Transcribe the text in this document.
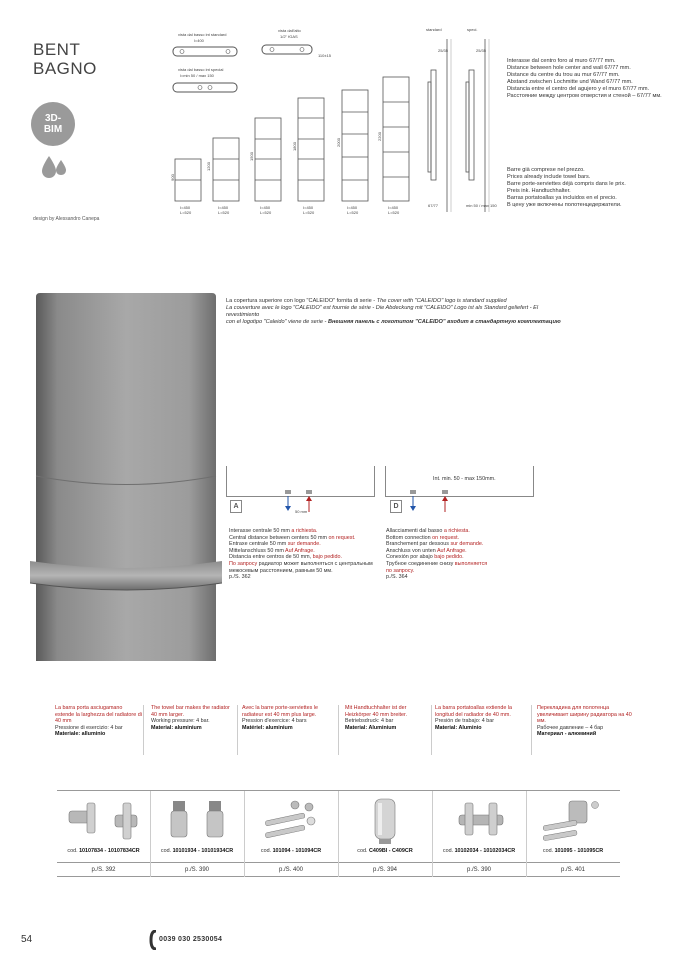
BENT
BAGNO
3D-
BIM
design by Alessandro Canepa
vista dal basso int standard
l=400
vista dal basso int special
l=min 50 / max 150
vista dall'alto
1/2" fGAS
110±15
900
1200
1500
1800	2000
2200
I=450
L=520
I=450
L=520
I=450
L=520
I=450
L=520
I=450
L=520
I=450
L=520
standard	speci.
25/35	25/35
67/77	min 50 / max 150
Interasse dal centro foro al muro 67/77 mm.
Distance between hole center and wall 67/77 mm.
Distance du centre du trou au mur 67/77 mm.
Abstand zwischen Lochmitte und Wand 67/77 mm.
Distancia entre el centro del agujero y el muro 67/77 mm.
Расстояние между центром отверстия и стеной – 67/77 мм.
Barre già comprese nel prezzo.
Prices already include towel bars.
Barre porte-serviettes déjà compris dans le prix.
Preis ink. Handtuchhalter.
Barras portatoallas ya incluidos en el precio.
В цену уже включены полотенцедержатели.
La copertura superiore con logo "CALEIDO" fornita di serie - The cover with "CALEIDO" logo is standard supplied
La couverture avec le logo "CALEIDO" est fournie de série - Die Abdeckung mit "CALEIDO" Logo ist als Standard geliefert - El revestimiento
con el logotipo "Caleido" viene de serie - Внешняя панель с логотипом "CALEIDO" входит в стандартную комплектацию
A
50 mm
Interasse centrale 50 mm a richiesta.
Central distance between centers 50 mm on request.
Entraxe centrale 50 mm sur demande.
Mittelanschluss 50 mm Auf Anfrage.
Distancia entre centros de 50 mm, bajo pedido.
По запросу радиатор может выполняться с центральным
межосевым расстоянием, равным 50 мм.
p./S. 362
Int. min. 50 - max 150mm.
D
Allacciamenti dal basso a richiesta.
Bottom connection on request.
Branchement par dessous sur demande.
Anschluss von unten Auf Anfrage.
Conexión por abajo bajo pedido.
Трубное соединение снизу выполняется
по запросу.
p./S. 364
La barra porta asciugamano estende la larghezza del radiatore di 40 mm
Pressione di esercizio: 4 bar
Materiale: alluminio
The towel bar makes the radiator 40 mm larger.
Working pressure: 4 bar.
Material: aluminium
Avec la barre porte-serviettes le radiateur est 40 mm plus large.
Pression d'exercice: 4 bars
Matériel: aluminium
Mit Handtuchhalter ist der Heizkörper 40 mm breiter.
Betriebsdruck: 4 bar
Material: Aluminium
La barra portatoallas extiende la longitud del radiador de 40 mm.
Presión de trabajo: 4 bar
Material: Aluminio
Перекладина для полотенца увеличивает ширину радиатора на 40 мм.
Рабочее давление – 4 бар
Материал - алюминий
cod. 10107834 - 10107834CR	cod. 10101934 - 10101934CR	cod. 101094 - 101094CR	cod. C409BI - C409CR	cod. 10102034 - 10102034CR	cod. 101095 - 101095CR
p./S. 392	p./S. 390	p./S. 400	p./S. 394	p./S. 390	p./S. 401
54	0039 030 2530054
